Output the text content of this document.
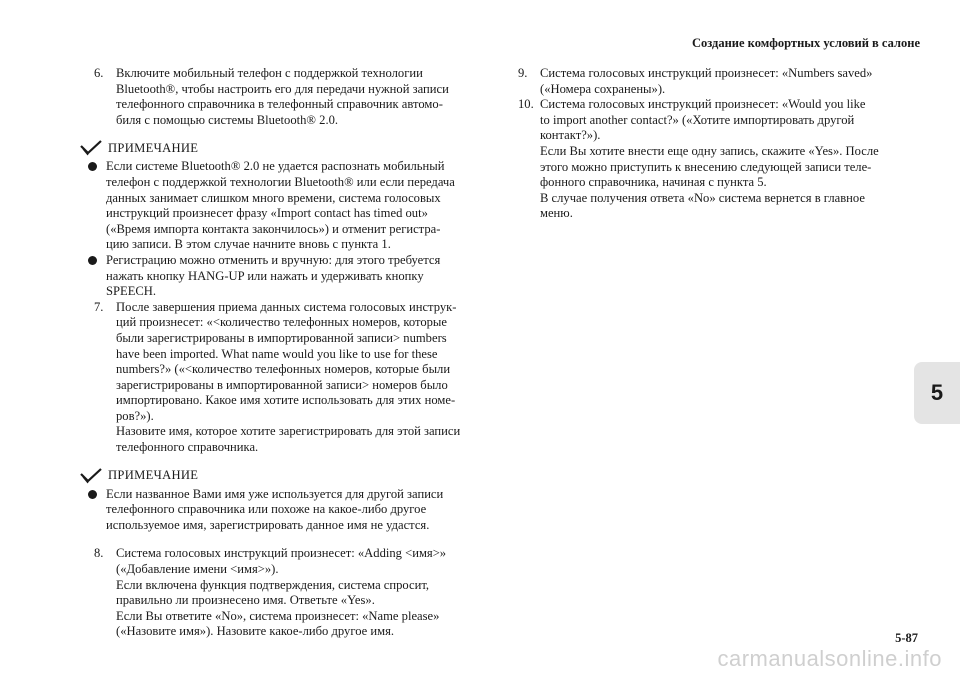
Создание комфортных условий в салоне
6. Включите мобильный телефон с поддержкой технологии
Bluetooth®, чтобы настроить его для передачи нужной записи
телефонного справочника в телефонный справочник автомо-
биля с помощью системы Bluetooth® 2.0.
ПРИМЕЧАНИЕ
Если системе Bluetooth® 2.0 не удается распознать мобильный
телефон с поддержкой технологии Bluetooth® или если передача
данных занимает слишком много времени, система голосовых
инструкций произнесет фразу «Import contact has timed out»
(«Время импорта контакта закончилось») и отменит регистра-
цию записи. В этом случае начните вновь с пункта 1.
Регистрацию можно отменить и вручную: для этого требуется
нажать кнопку HANG-UP или нажать и удерживать кнопку
SPEECH.
7. После завершения приема данных система голосовых инструк-
ций произнесет: «<количество телефонных номеров, которые
были зарегистрированы в импортированной записи> numbers
have been imported. What name would you like to use for these
numbers?» («<количество телефонных номеров, которые были
зарегистрированы в импортированной записи> номеров было
импортировано. Какое имя хотите использовать для этих номе-
ров?»).
Назовите имя, которое хотите зарегистрировать для этой записи
телефонного справочника.
ПРИМЕЧАНИЕ
Если названное Вами имя уже используется для другой записи
телефонного справочника или похоже на какое-либо другое
используемое имя, зарегистрировать данное имя не удастся.
8. Система голосовых инструкций произнесет: «Adding <имя>»
(«Добавление имени <имя>»).
Если включена функция подтверждения, система спросит,
правильно ли произнесено имя. Ответьте «Yes».
Если Вы ответите «No», система произнесет: «Name please»
(«Назовите имя»). Назовите какое-либо другое имя.
9. Система голосовых инструкций произнесет: «Numbers saved»
(«Номера сохранены»).
10. Система голосовых инструкций произнесет: «Would you like
to import another contact?» («Хотите импортировать другой
контакт?»).
Если Вы хотите внести еще одну запись, скажите «Yes». После
этого можно приступить к внесению следующей записи теле-
фонного справочника, начиная с пункта 5.
В случае получения ответа «No» система вернется в главное
меню.
5
5-87
carmanualsonline.info
